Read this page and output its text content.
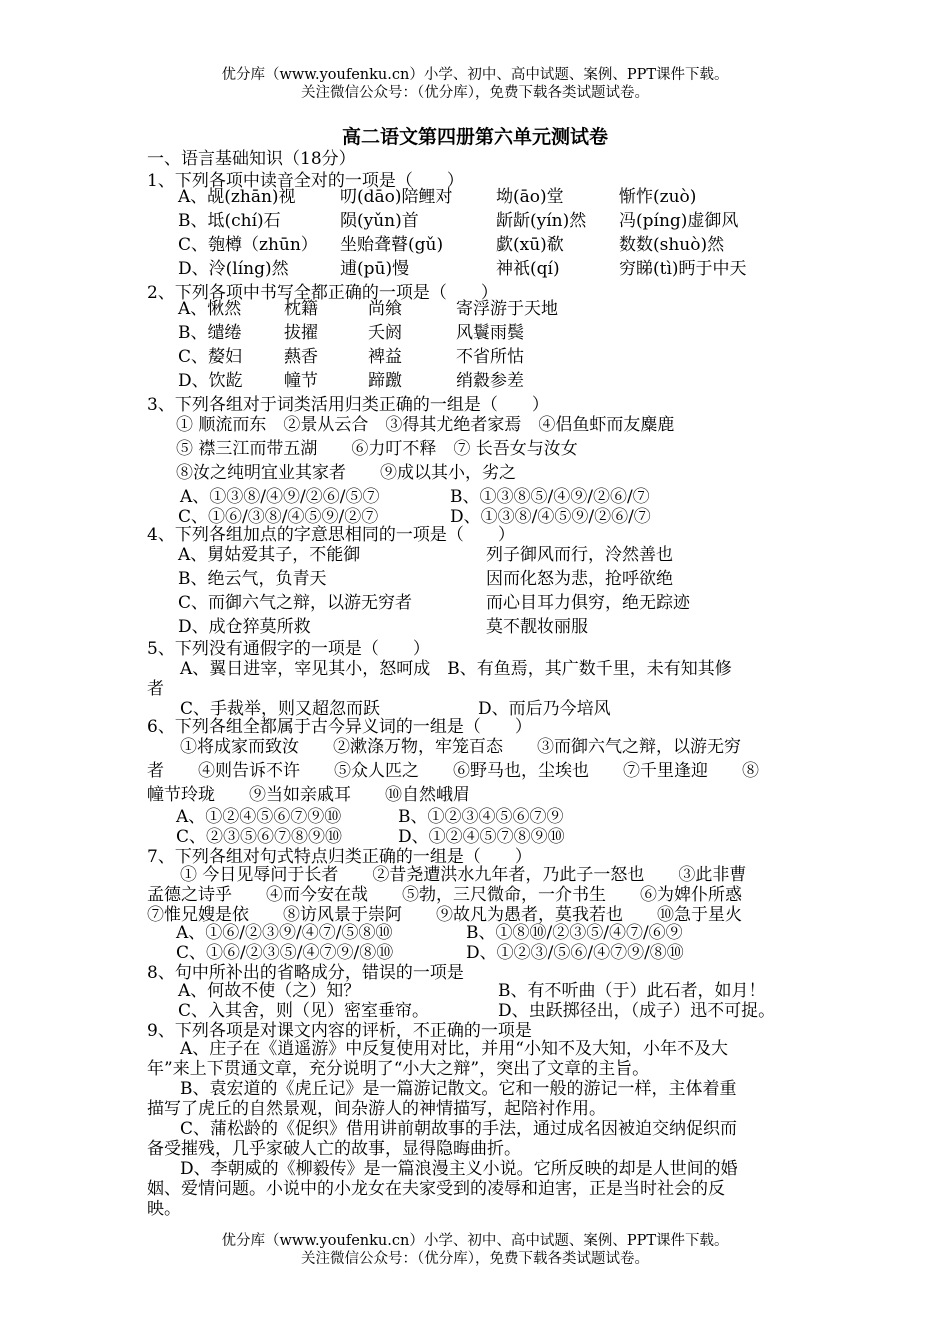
优分库（www.youfenku.cn）小学、初中、高中试题、案例、PPT课件下载。
关注微信公众号：（优分库），免费下载各类试题试卷。
高二语文第四册第六单元测试卷
一、语言基础知识（18分）
1、下列各项中读音全对的一项是（　　）
A、觇(zhān)视	叨(dāo)陪鲤对	坳(āo)堂	惭怍(zuò)
B、坻(chí)石	陨(yǔn)首	龂龂(yín)然 冯(píng)虚御风
C、匏樽（zhūn） 坐贻聋瞽(gǔ)	歔(xū)欷	数数(shuò)然
D、泠(líng)然	逋(pū)慢	神祇(qí)	穷睇(tì)眄于中天
2、下列各项中书写全都正确的一项是（　　）
A、愀然	枕籍	尚飨	寄浮游于天地
B、缱绻	拔擢	夭阏	风鬟雨鬓
C、嫠妇 爇香	裨益	不省所怙
D、饮龁 幢节	蹄躈	绡縠参差
3、下列各组对于词类活用归类正确的一组是（　　）
① 顺流而东　②景从云合　③得其尤绝者家焉　④侣鱼虾而友麋鹿
⑤ 襟三江而带五湖　　⑥力叮不释　⑦ 长吾女与汝女
⑧汝之纯明宜业其家者　　⑨成以其小，劣之
A、①③⑧/④⑨/②⑥/⑤⑦	B、①③⑧⑤/④⑨/②⑥/⑦
C、①⑥/③⑧/④⑤⑨/②⑦	D、①③⑧/④⑤⑨/②⑥/⑦
4、下列各组加点的字意思相同的一项是（　　）
A、舅姑爱其子，不能御	列子御风而行，泠然善也
B、绝云气，负青天	因而化怒为悲，抢呼欲绝
C、而御六气之辩，以游无穷者	而心目耳力俱穷，绝无踪迹
D、成仓猝莫所救	莫不靓妆丽服
5、下列没有通假字的一项是（　　）
A、翼日进宰，宰见其小，怒呵成　B、有鱼焉，其广数千里，未有知其修
者
C、手裁举，则又超忽而跃	D、而后乃今培风
6、下列各组全都属于古今异义词的一组是（　　）
①将成家而致汝　　②漱涤万物，牢笼百态　　③而御六气之辩，以游无穷
者　　④则告诉不许　　⑤众人匹之　　⑥野马也，尘埃也　　⑦千里逢迎　　⑧
幢节玲珑　　⑨当如亲戚耳　　⑩自然峨眉
A、①②④⑤⑥⑦⑨⑩	B、①②③④⑤⑥⑦⑨
C、②③⑤⑥⑦⑧⑨⑩	D、①②④⑤⑦⑧⑨⑩
7、下列各组对句式特点归类正确的一组是（　　）
① 今日见辱问于长者　　②昔尧遭洪水九年者，乃此子一怒也　　③此非曹
孟德之诗乎　　④而今安在哉　　⑤勃，三尺微命，一介书生　　⑥为婢仆所惑
⑦惟兄嫂是依　　⑧访风景于崇阿　　⑨故凡为愚者，莫我若也　　⑩急于星火
A、①⑥/②③⑨/④⑦/⑤⑧⑩	B、①⑧⑩/②③⑤/④⑦/⑥⑨
C、①⑥/②③⑤/④⑦⑨/⑧⑩	D、①②③/⑤⑥/④⑦⑨/⑧⑩
8、句中所补出的省略成分，错误的一项是
A、何故不使（之）知？	B、有不听曲（于）此石者，如月！
C、入其舍，则（见）密室垂帘。	D、虫跃掷径出，（成子）迅不可捉。
9、下列各项是对课文内容的评析，不正确的一项是
A、庄子在《逍遥游》中反复使用对比，并用“小知不及大知，小年不及大
年”来上下贯通文章，充分说明了“小大之辩”，突出了文章的主旨。
B、袁宏道的《虎丘记》是一篇游记散文。它和一般的游记一样，主体着重
描写了虎丘的自然景观，间杂游人的神情描写，起陪衬作用。
C、蒲松龄的《促织》借用讲前朝故事的手法，通过成名因被迫交纳促织而
备受摧残，几乎家破人亡的故事，显得隐晦曲折。
D、李朝威的《柳毅传》是一篇浪漫主义小说。它所反映的却是人世间的婚
姻、爱情问题。小说中的小龙女在夫家受到的凌辱和迫害，正是当时社会的反
映。
优分库（www.youfenku.cn）小学、初中、高中试题、案例、PPT课件下载。
关注微信公众号：（优分库），免费下载各类试题试卷。
